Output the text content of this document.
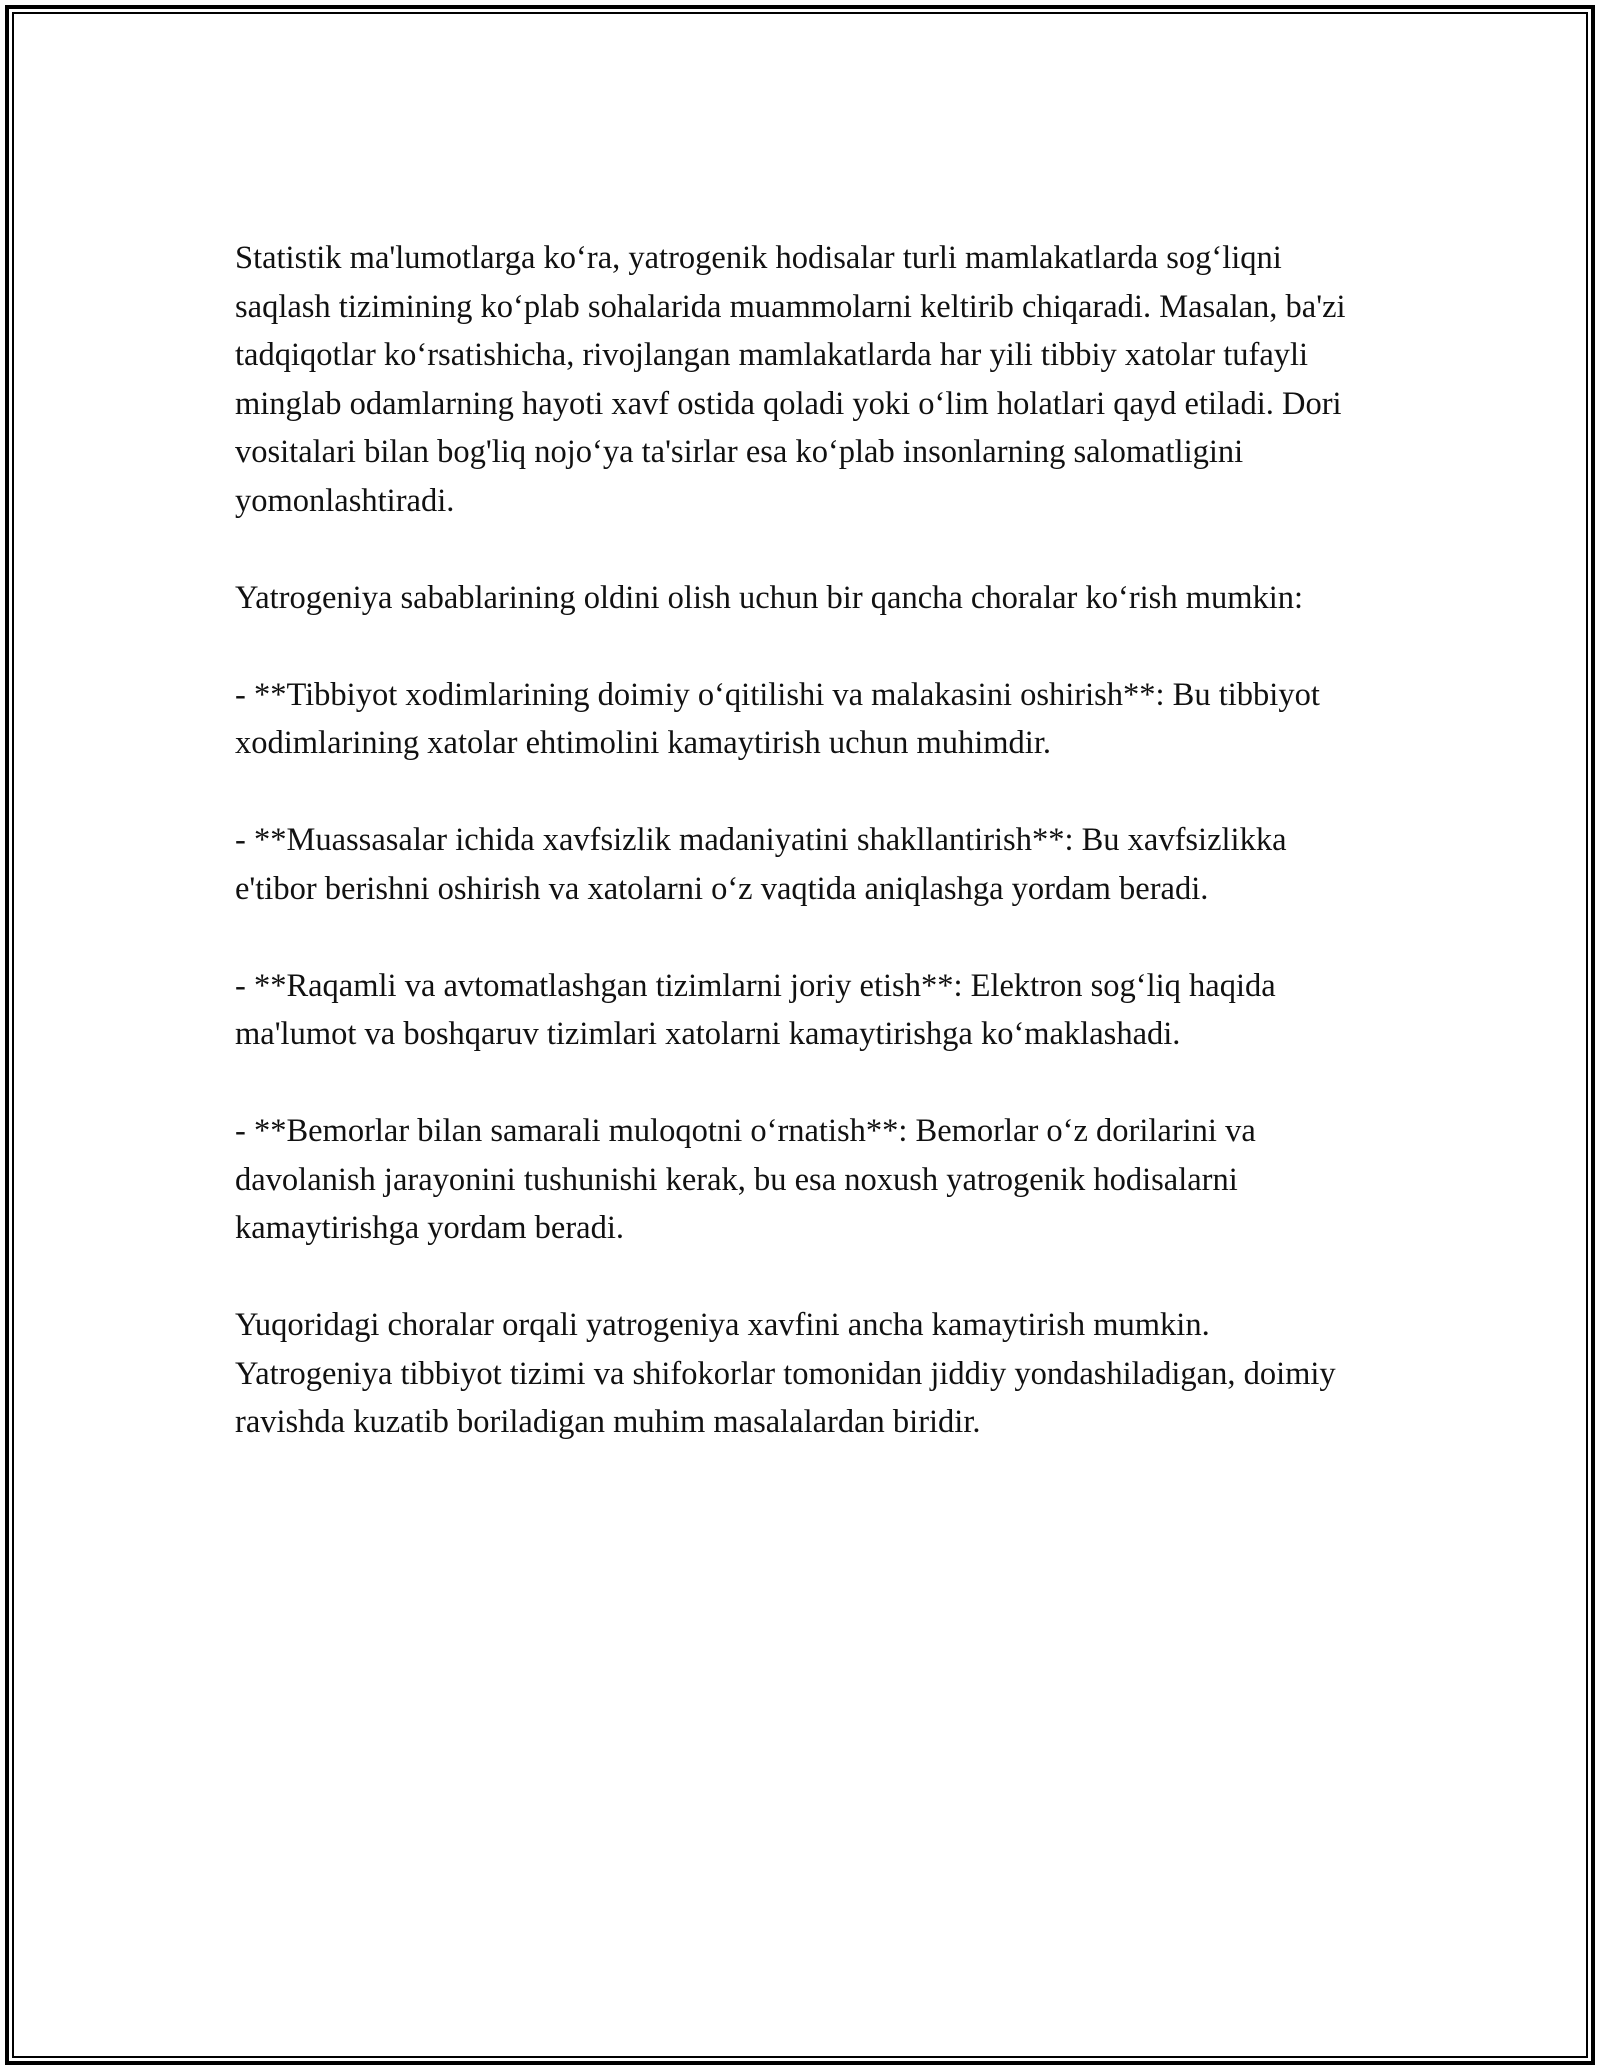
Statistik ma'lumotlarga ko‘ra, yatrogenik hodisalar turli mamlakatlarda sog‘liqni saqlash tizimining ko‘plab sohalarida muammolarni keltirib chiqaradi. Masalan, ba'zi tadqiqotlar ko‘rsatishicha, rivojlangan mamlakatlarda har yili tibbiy xatolar tufayli minglab odamlarning hayoti xavf ostida qoladi yoki o‘lim holatlari qayd etiladi. Dori vositalari bilan bog'liq nojo‘ya ta'sirlar esa ko‘plab insonlarning salomatligini yomonlashtiradi.

Yatrogeniya sabablarining oldini olish uchun bir qancha choralar ko‘rish mumkin:

- **Tibbiyot xodimlarining doimiy o‘qitilishi va malakasini oshirish**: Bu tibbiyot xodimlarining xatolar ehtimolini kamaytirish uchun muhimdir.

- **Muassasalar ichida xavfsizlik madaniyatini shakllantirish**: Bu xavfsizlikka e'tibor berishni oshirish va xatolarni o‘z vaqtida aniqlashga yordam beradi.

- **Raqamli va avtomatlashgan tizimlarni joriy etish**: Elektron sog‘liq haqida ma'lumot va boshqaruv tizimlari xatolarni kamaytirishga ko‘maklashadi.

- **Bemorlar bilan samarali muloqotni o‘rnatish**: Bemorlar o‘z dorilarini va davolanish jarayonini tushunishi kerak, bu esa noxush yatrogenik hodisalarni kamaytirishga yordam beradi.

Yuqoridagi choralar orqali yatrogeniya xavfini ancha kamaytirish mumkin. Yatrogeniya tibbiyot tizimi va shifokorlar tomonidan jiddiy yondashiladigan, doimiy ravishda kuzatib boriladigan muhim masalalardan biridir.
